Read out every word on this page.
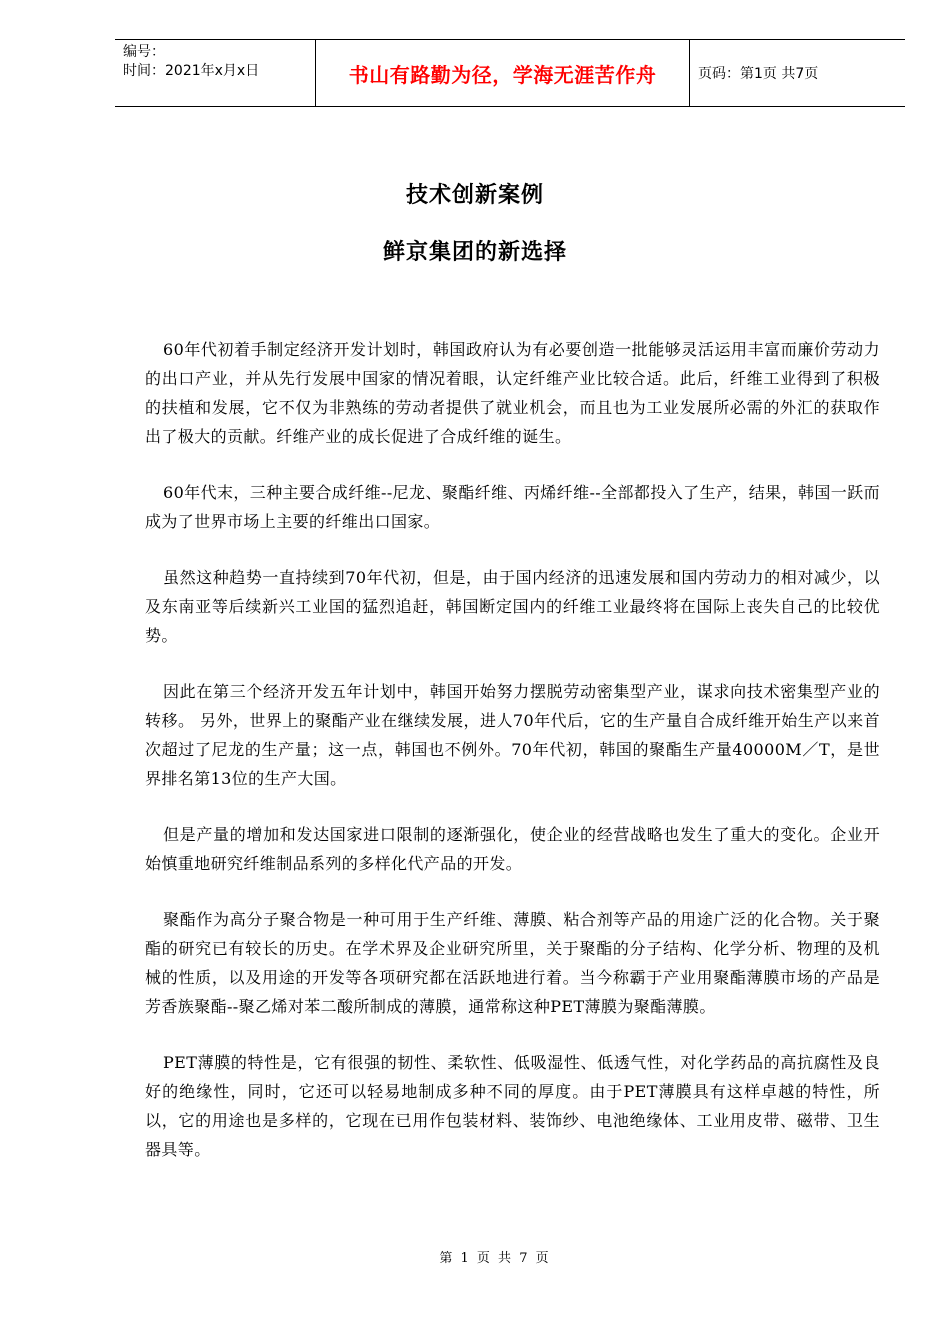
编号：
时间：2021年x月x日	书山有路勤为径，学海无涯苦作舟	页码：第1页 共7页
技术创新案例
鲜京集团的新选择

60年代初着手制定经济开发计划时，韩国政府认为有必要创造一批能够灵活运用丰富而廉价劳动力的出口产业，并从先行发展中国家的情况着眼，认定纤维产业比较合适。此后，纤维工业得到了积极的扶植和发展，它不仅为非熟练的劳动者提供了就业机会，而且也为工业发展所必需的外汇的获取作出了极大的贡献。纤维产业的成长促进了合成纤维的诞生。

60年代末，三种主要合成纤维--尼龙、聚酯纤维、丙烯纤维--全部都投入了生产，结果，韩国一跃而成为了世界市场上主要的纤维出口国家。

虽然这种趋势一直持续到70年代初，但是，由于国内经济的迅速发展和国内劳动力的相对减少，以及东南亚等后续新兴工业国的猛烈追赶，韩国断定国内的纤维工业最终将在国际上丧失自己的比较优势。

因此在第三个经济开发五年计划中，韩国开始努力摆脱劳动密集型产业，谋求向技术密集型产业的转移。 另外，世界上的聚酯产业在继续发展，进人70年代后，它的生产量自合成纤维开始生产以来首次超过了尼龙的生产量；这一点，韩国也不例外。70年代初，韩国的聚酯生产量40000M／T，是世界排名第13位的生产大国。

但是产量的增加和发达国家进口限制的逐渐强化，使企业的经营战略也发生了重大的变化。企业开始慎重地研究纤维制品系列的多样化代产品的开发。

聚酯作为高分子聚合物是一种可用于生产纤维、薄膜、粘合剂等产品的用途广泛的化合物。关于聚酯的研究已有较长的历史。在学术界及企业研究所里，关于聚酯的分子结构、化学分析、物理的及机械的性质，以及用途的开发等各项研究都在活跃地进行着。当今称霸于产业用聚酯薄膜市场的产品是芳香族聚酯--聚乙烯对苯二酸所制成的薄膜，通常称这种PET薄膜为聚酯薄膜。

PET薄膜的特性是，它有很强的韧性、柔软性、低吸湿性、低透气性，对化学药品的高抗腐性及良好的绝缘性，同时，它还可以轻易地制成多种不同的厚度。由于PET薄膜具有这样卓越的特性，所以，它的用途也是多样的，它现在已用作包装材料、装饰纱、电池绝缘体、工业用皮带、磁带、卫生器具等。

第 1 页 共 7 页
